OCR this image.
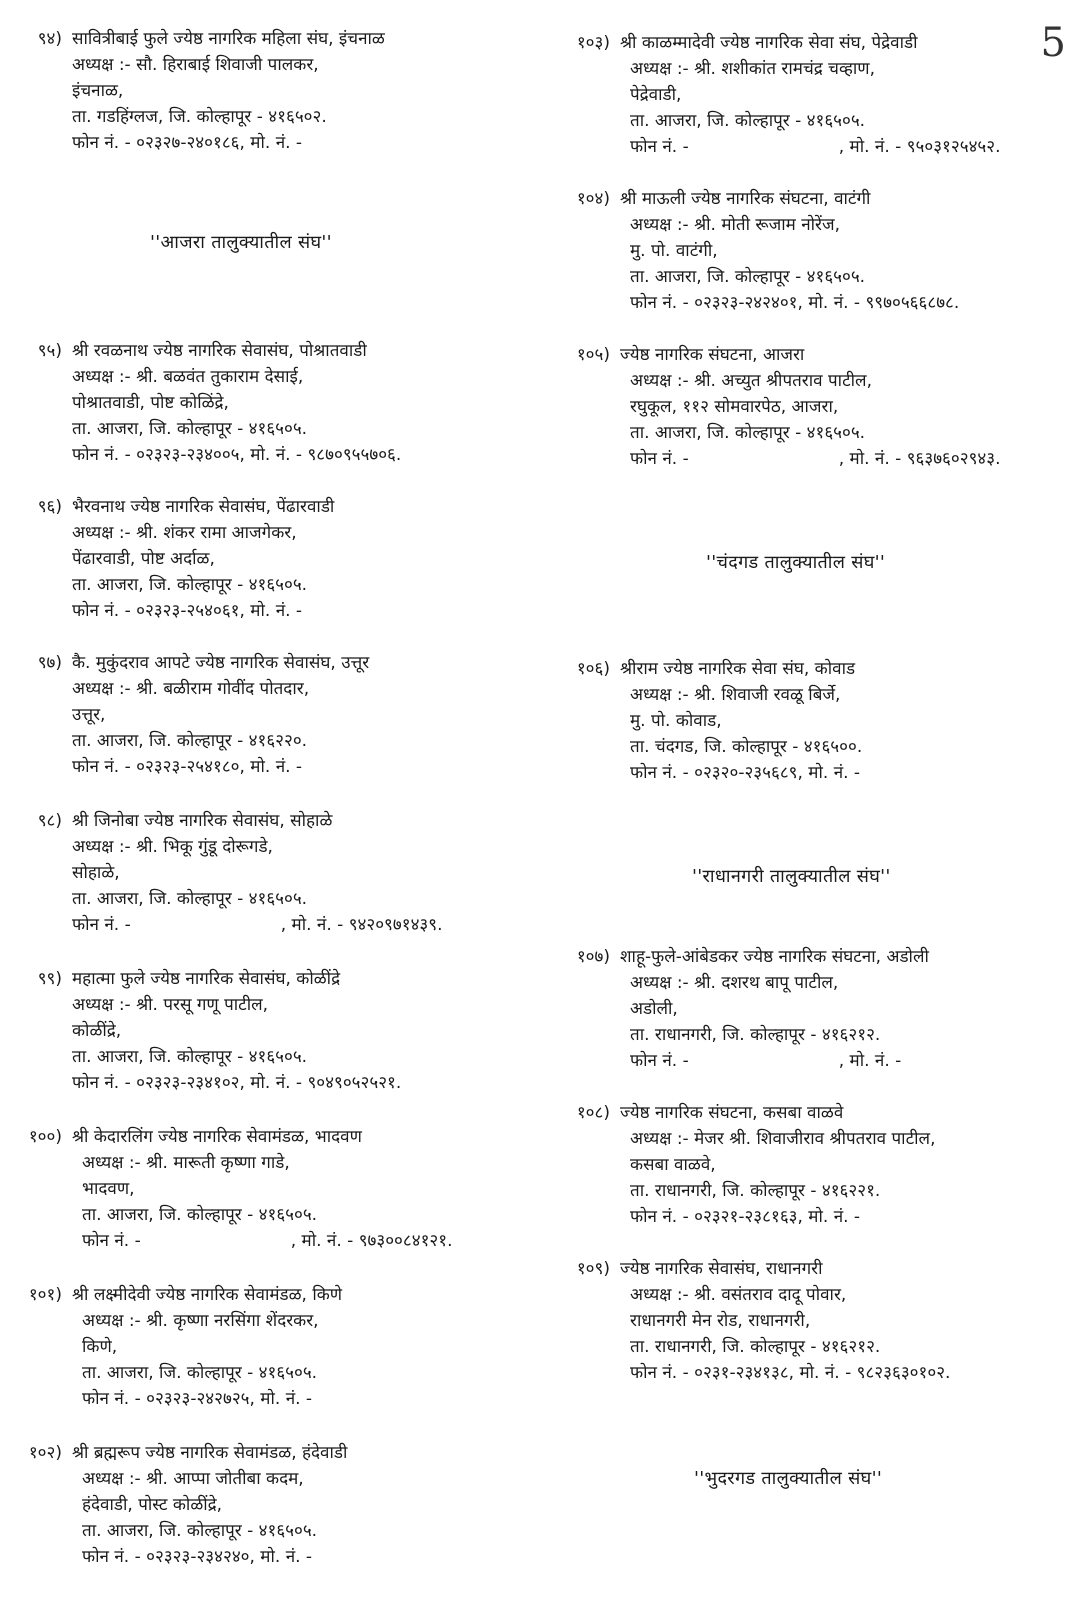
5
९४) सावित्रीबाई फुले ज्येष्ठ नागरिक महिला संघ, इंचनाळ
अध्यक्ष :- सौ. हिराबाई शिवाजी पालकर,
इंचनाळ,
ता. गडहिंग्लज, जि. कोल्हापूर - ४१६५०२.
फोन नं. - ०२३२७-२४०१८६, मो. नं. -
''आजरा तालुक्यातील संघ''
९५) श्री रवळनाथ ज्येष्ठ नागरिक सेवासंघ, पोश्रातवाडी
अध्यक्ष :- श्री. बळवंत तुकाराम देसाई,
पोश्रातवाडी, पोष्ट कोळिंद्रे,
ता. आजरा, जि. कोल्हापूर - ४१६५०५.
फोन नं. - ०२३२३-२३४००५, मो. नं. - ९८७०९५५७०६.
९६) भैरवनाथ ज्येष्ठ नागरिक सेवासंघ, पेंढारवाडी
अध्यक्ष :- श्री. शंकर रामा आजगेकर,
पेंढारवाडी, पोष्ट अर्दाळ,
ता. आजरा, जि. कोल्हापूर - ४१६५०५.
फोन नं. - ०२३२३-२५४०६१, मो. नं. -
९७) कै. मुकुंदराव आपटे ज्येष्ठ नागरिक सेवासंघ, उत्तूर
अध्यक्ष :- श्री. बळीराम गोवींद पोतदार,
उत्तूर,
ता. आजरा, जि. कोल्हापूर - ४१६२२०.
फोन नं. - ०२३२३-२५४१८०, मो. नं. -
९८) श्री जिनोबा ज्येष्ठ नागरिक सेवासंघ, सोहाळे
अध्यक्ष :- श्री. भिकू गुंडू दोरूगडे,
सोहाळे,
ता. आजरा, जि. कोल्हापूर - ४१६५०५.
फोन नं. -	, मो. नं. - ९४२०९७१४३९.
९९) महात्मा फुले ज्येष्ठ नागरिक सेवासंघ, कोळींद्रे
अध्यक्ष :- श्री. परसू गणू पाटील,
कोळींद्रे,
ता. आजरा, जि. कोल्हापूर - ४१६५०५.
फोन नं. - ०२३२३-२३४१०२, मो. नं. - ९०४९०५२५२१.
१००) श्री केदारलिंग ज्येष्ठ नागरिक सेवामंडळ, भादवण
अध्यक्ष :- श्री. मारूती कृष्णा गाडे,
भादवण,
ता. आजरा, जि. कोल्हापूर - ४१६५०५.
फोन नं. -	, मो. नं. - ९७३००८४१२१.
१०१) श्री लक्ष्मीदेवी ज्येष्ठ नागरिक सेवामंडळ, किणे
अध्यक्ष :- श्री. कृष्णा नरसिंगा शेंदरकर,
किणे,
ता. आजरा, जि. कोल्हापूर - ४१६५०५.
फोन नं. - ०२३२३-२४२७२५, मो. नं. -
१०२) श्री ब्रह्मरूप ज्येष्ठ नागरिक सेवामंडळ, हंदेवाडी
अध्यक्ष :- श्री. आप्पा जोतीबा कदम,
हंदेवाडी, पोस्ट कोळींद्रे,
ता. आजरा, जि. कोल्हापूर - ४१६५०५.
फोन नं. - ०२३२३-२३४२४०, मो. नं. -
१०३) श्री काळम्मादेवी ज्येष्ठ नागरिक सेवा संघ, पेद्रेवाडी
अध्यक्ष :- श्री. शशीकांत रामचंद्र चव्हाण,
पेद्रेवाडी,
ता. आजरा, जि. कोल्हापूर - ४१६५०५.
फोन नं. -	, मो. नं. - ९५०३१२५४५२.
१०४) श्री माऊली ज्येष्ठ नागरिक संघटना, वाटंगी
अध्यक्ष :- श्री. मोती रूजाम नोरेंज,
मु. पो. वाटंगी,
ता. आजरा, जि. कोल्हापूर - ४१६५०५.
फोन नं. - ०२३२३-२४२४०१, मो. नं. - ९९७०५६६८७८.
१०५) ज्येष्ठ नागरिक संघटना, आजरा
अध्यक्ष :- श्री. अच्युत श्रीपतराव पाटील,
रघुकूल, ११२ सोमवारपेठ, आजरा,
ता. आजरा, जि. कोल्हापूर - ४१६५०५.
फोन नं. -	, मो. नं. - ९६३७६०२९४३.
''चंदगड तालुक्यातील संघ''
१०६) श्रीराम ज्येष्ठ नागरिक सेवा संघ, कोवाड
अध्यक्ष :- श्री. शिवाजी रवळू बिर्जे,
मु. पो. कोवाड,
ता. चंदगड, जि. कोल्हापूर - ४१६५००.
फोन नं. - ०२३२०-२३५६८९, मो. नं. -
''राधानगरी तालुक्यातील संघ''
१०७) शाहू-फुले-आंबेडकर ज्येष्ठ नागरिक संघटना, अडोली
अध्यक्ष :- श्री. दशरथ बापू पाटील,
अडोली,
ता. राधानगरी, जि. कोल्हापूर - ४१६२१२.
फोन नं. -	, मो. नं. -
१०८) ज्येष्ठ नागरिक संघटना, कसबा वाळवे
अध्यक्ष :- मेजर श्री. शिवाजीराव श्रीपतराव पाटील,
कसबा वाळवे,
ता. राधानगरी, जि. कोल्हापूर - ४१६२२१.
फोन नं. - ०२३२१-२३८१६३, मो. नं. -
१०९) ज्येष्ठ नागरिक सेवासंघ, राधानगरी
अध्यक्ष :- श्री. वसंतराव दादू पोवार,
राधानगरी मेन रोड, राधानगरी,
ता. राधानगरी, जि. कोल्हापूर - ४१६२१२.
फोन नं. - ०२३१-२३४१३८, मो. नं. - ९८२३६३०१०२.
''भुदरगड तालुक्यातील संघ''
